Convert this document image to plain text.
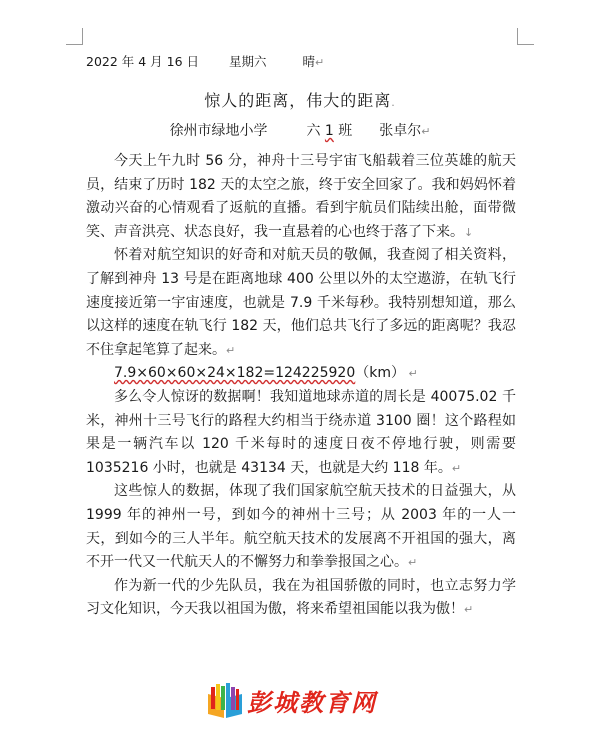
2022 年 4 月 16 日 星期六	晴↵
惊人的距离，伟大的距离.
徐州市绿地小学	六 1 班 张卓尔↵

今天上午九时 56 分，神舟十三号宇宙飞船载着三位英雄的航天员，结束了历时 182 天的太空之旅，终于安全回家了。我和妈妈怀着激动兴奋的心情观看了返航的直播。看到宇航员们陆续出舱，面带微笑、声音洪亮、状态良好，我一直悬着的心也终于落了下来。↓

怀着对航空知识的好奇和对航天员的敬佩，我查阅了相关资料，了解到神舟 13 号是在距离地球 400 公里以外的太空遨游，在轨飞行速度接近第一宇宙速度，也就是 7.9 千米每秒。我特别想知道，那么以这样的速度在轨飞行 182 天，他们总共飞行了多远的距离呢？我忍不住拿起笔算了起来。↵

7.9×60×60×24×182=124225920（km） ↵

多么令人惊讶的数据啊！我知道地球赤道的周长是 40075.02 千米，神州十三号飞行的路程大约相当于绕赤道 3100 圈！这个路程如果是一辆汽车以 120 千米每时的速度日夜不停地行驶，则需要 1035216 小时，也就是 43134 天，也就是大约 118 年。↵

这些惊人的数据，体现了我们国家航空航天技术的日益强大，从 1999 年的神州一号，到如今的神州十三号；从 2003 年的一人一天，到如今的三人半年。航空航天技术的发展离不开祖国的强大，离不开一代又一代航天人的不懈努力和拳拳报国之心。↵

作为新一代的少先队员，我在为祖国骄傲的同时，也立志努力学习文化知识，今天我以祖国为傲，将来希望祖国能以我为傲！↵

彭城教育网
